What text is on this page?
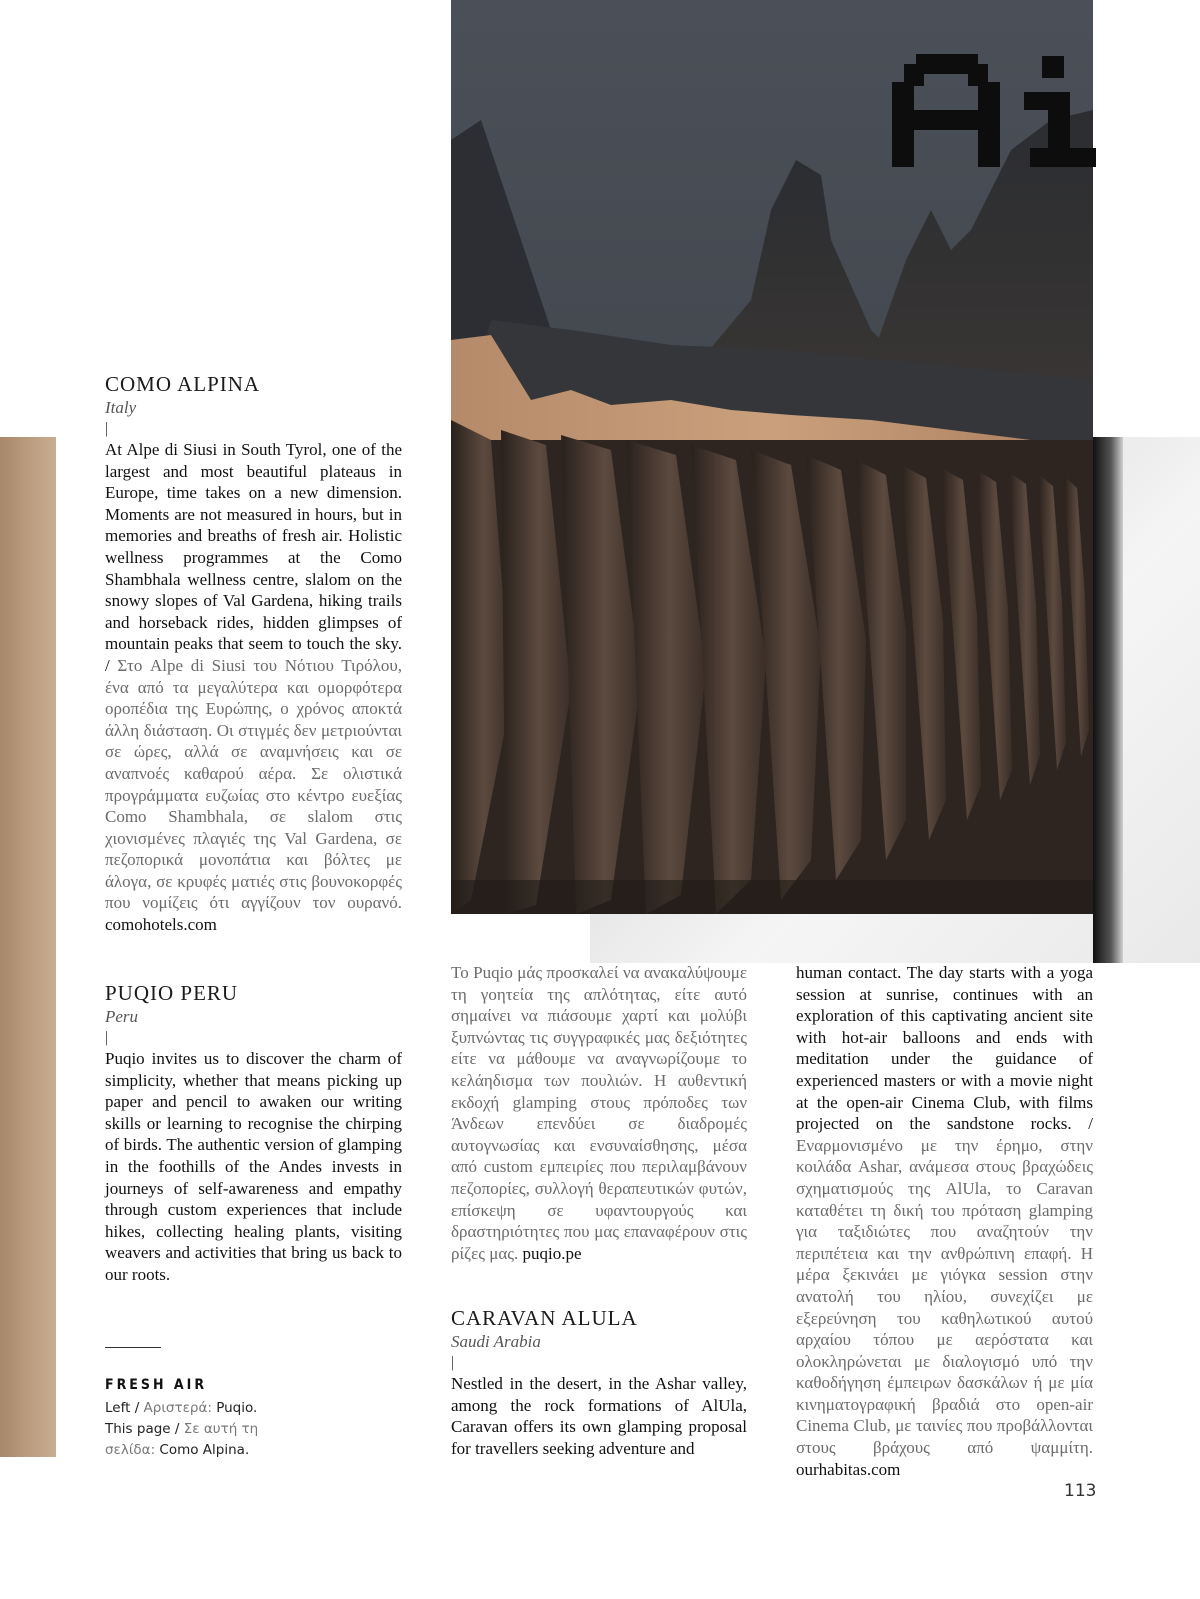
Ai
COMO ALPINA
Italy
|

At Alpe di Siusi in South Tyrol, one of the largest and most beautiful plateaus in Europe, time takes on a new dimension. Moments are not measured in hours, but in memories and breaths of fresh air. Holistic wellness programmes at the Como Shambhala wellness centre, slalom on the snowy slopes of Val Gardena, hiking trails and horseback rides, hidden glimpses of mountain peaks that seem to touch the sky. / Στο Alpe di Siusi του Νότιου Τιρόλου, ένα από τα μεγαλύτερα και ομορφότερα οροπέδια της Ευρώπης, ο χρόνος αποκτά άλλη διάσταση. Οι στιγμές δεν μετριούνται σε ώρες, αλλά σε αναμνήσεις και σε αναπνοές καθαρού αέρα. Σε ολιστικά προγράμματα ευζωίας στο κέντρο ευεξίας Como Shambhala, σε slalom στις χιονισμένες πλαγιές της Val Gardena, σε πεζοπορικά μονοπάτια και βόλτες με άλογα, σε κρυφές ματιές στις βουνοκορφές που νομίζεις ότι αγγίζουν τον ουρανό. comohotels.com

PUQIO PERU
Peru
|

Puqio invites us to discover the charm of simplicity, whether that means picking up paper and pencil to awaken our writing skills or learning to recognise the chirping of birds. The authentic version of glamping in the foothills of the Andes invests in journeys of self-awareness and empathy through custom experiences that include hikes, collecting healing plants, visiting weavers and activities that bring us back to our roots.

Το Puqio μάς προσκαλεί να ανακαλύψουμε τη γοητεία της απλότητας, είτε αυτό σημαίνει να πιάσουμε χαρτί και μολύβι ξυπνώντας τις συγγραφικές μας δεξιότητες είτε να μάθουμε να αναγνωρίζουμε το κελάηδισμα των πουλιών. Η αυθεντική εκδοχή glamping στους πρόποδες των Άνδεων επενδύει σε διαδρομές αυτογνωσίας και ενσυναίσθησης, μέσα από custom εμπειρίες που περιλαμβάνουν πεζοπορίες, συλλογή θεραπευτικών φυτών, επίσκεψη σε υφαντουργούς και δραστηριότητες που μας επαναφέρουν στις ρίζες μας. puqio.pe

CARAVAN ALULA
Saudi Arabia
|

Nestled in the desert, in the Ashar valley, among the rock formations of AlUla, Caravan offers its own glamping proposal for travellers seeking adventure and

human contact. The day starts with a yoga session at sunrise, continues with an exploration of this captivating ancient site with hot-air balloons and ends with meditation under the guidance of experienced masters or with a movie night at the open-air Cinema Club, with films projected on the sandstone rocks. / Εναρμονισμένο με την έρημο, στην κοιλάδα Ashar, ανάμεσα στους βραχώδεις σχηματισμούς της AlUla, το Caravan καταθέτει τη δική του πρόταση glamping για ταξιδιώτες που αναζητούν την περιπέτεια και την ανθρώπινη επαφή. Η μέρα ξεκινάει με γιόγκα session στην ανατολή του ηλίου, συνεχίζει με εξερεύνηση του καθηλωτικού αυτού αρχαίου τόπου με αερόστατα και ολοκληρώνεται με διαλογισμό υπό την καθοδήγηση έμπειρων δασκάλων ή με μία κινηματογραφική βραδιά στο open-air Cinema Club, με ταινίες που προβάλλονται στους βράχους από ψαμμίτη. ourhabitas.com

FRESH AIR
Left / Αριστερά: Puqio. This page / Σε αυτή τη σελίδα: Como Alpina.
113
